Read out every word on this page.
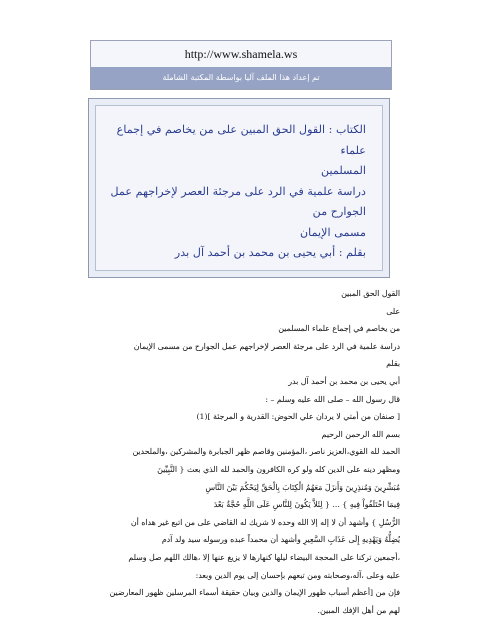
http://www.shamela.ws
تم إعداد هذا الملف آليا بواسطة المكتبة الشاملة

الكتاب : القول الحق المبين على من يخاصم في إجماع علماء

المسلمين

دراسة علمية في الرد على مرجئة العصر لإخراجهم عمل الجوارح من

مسمى الإيمان

بقلم : أبي يحيى بن محمد بن أحمد آل بدر

القول الحق المبين

على

من يخاصم في إجماع علماء المسلمين

دراسة علمية في الرد على مرجئة العصر لإخراجهم عمل الجوارح من مسمى الإيمان

بقلم

أبي يحيى بن محمد بن أحمد آل بدر

قال رسول الله – صلى الله عليه وسلم – :

[ صنفان من أمتي لا يردان علي الحوض: القدرية و المرجئة ](1)

بسم الله الرحمن الرحيم

الحمد لله القوي،العزيز ناصر ،المؤمنين وقاصم ظهر الجبابرة والمشركين ،والملحدين

ومظهر دينه على الدين كله ولو كره الكافرون والحمد لله الذي بعث { النَّبِيِّينَ

مُبَشِّرِينَ وَمُنذِرِينَ وَأَنزَلَ مَعَهُمُ الْكِتَابَ بِالْحَقِّ لِيَحْكُمَ بَيْنَ النَّاسِ

فِيمَا اخْتَلَفُواْ فِيهِ } ... { لِئَلاَّ يَكُونَ لِلنَّاسِ عَلَى اللَّهِ حُجَّةٌ بَعْدَ

الرُّسُلِ } وأشهد أن لا إله إلا الله وحده لا شريك له القاضي على من اتبع غير هداه أن

يُضِلُّهُ وَيَهْدِيهِ إِلَى عَذَابِ السَّعِيرِ وأشهد أن محمداً عبده ورسوله سيد ولد آدم

،أجمعين تركنا على المحجة البيضاء ليلها كنهارها لا يزيغ عنها إلا ،هالك اللهم صل وسلم

عليه وعلى ،آله،وصحابته ومن تبعهم بإحسان إلى يوم الدين وبعد:

فإن من [أعظم أسباب ظهور الإيمان والدين وبيان حقيقة أسماء المرسلين ظهور المعارضين

لهم من أهل الإفك المبين.
